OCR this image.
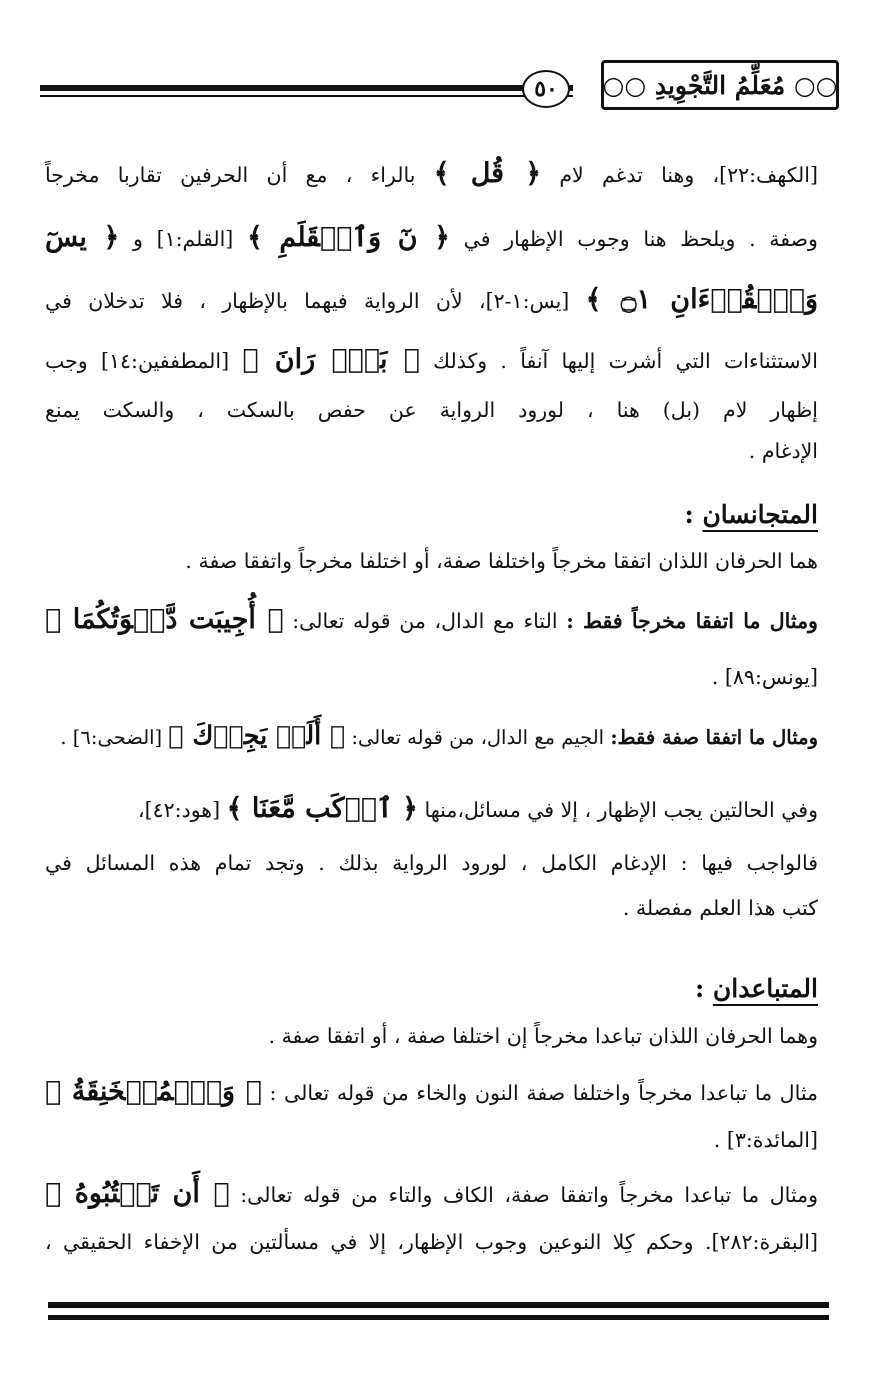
○○ مُعَلِّمُ التَّجْوِيدِ ○○
٥٠
[الكهف:٢٢]، وهنا تدغم لام ﴿ قُل ﴾ بالراء ، مع أن الحرفين تقاربا مخرجاً
وصفة . ويلحظ هنا وجوب الإظهار في ﴿ نٓ وَٱلۡقَلَمِ ﴾ [القلم:١] و ﴿ يسٓ
وَٱلۡقُرۡءَانِ ۝١ ﴾ [يس:١-٢]، لأن الرواية فيهما بالإظهار ، فلا تدخلان في
الاستثناءات التي أشرت إليها آنفاً . وكذلك ﴿ بَلۡۜ رَانَ ﴾ [المطففين:١٤] وجب
إظهار لام (بل) هنا ، لورود الرواية عن حفص بالسكت ، والسكت يمنع
الإدغام .
المتجانسان :
هما الحرفان اللذان اتفقا مخرجاً واختلفا صفة، أو اختلفا مخرجاً واتفقا صفة .
ومثال ما اتفقا مخرجاً فقط : التاء مع الدال، من قوله تعالى: ﴿ أُجِيبَت دَّعۡوَتُكُمَا ﴾
[يونس:٨٩] .
ومثال ما اتفقا صفة فقط: الجيم مع الدال، من قوله تعالى: ﴿ أَلَمۡ يَجِدۡكَ ﴾ [الضحى:٦] .
وفي الحالتين يجب الإظهار ، إلا في مسائل،منها ﴿ ٱرۡكَب مَّعَنَا ﴾ [هود:٤٢]،
فالواجب فيها : الإدغام الكامل ، لورود الرواية بذلك . وتجد تمام هذه المسائل في
كتب هذا العلم مفصلة .
المتباعدان :
وهما الحرفان اللذان تباعدا مخرجاً إن اختلفا صفة ، أو اتفقا صفة .
مثال ما تباعدا مخرجاً واختلفا صفة النون والخاء من قوله تعالى : ﴿ وَٱلۡمُنۡخَنِقَةُ ﴾
[المائدة:٣] .
ومثال ما تباعدا مخرجاً واتفقا صفة، الكاف والتاء من قوله تعالى: ﴿ أَن تَكۡتُبُوهُ ﴾
[البقرة:٢٨٢]. وحكم كِلا النوعين وجوب الإظهار، إلا في مسألتين من الإخفاء الحقيقي ،
